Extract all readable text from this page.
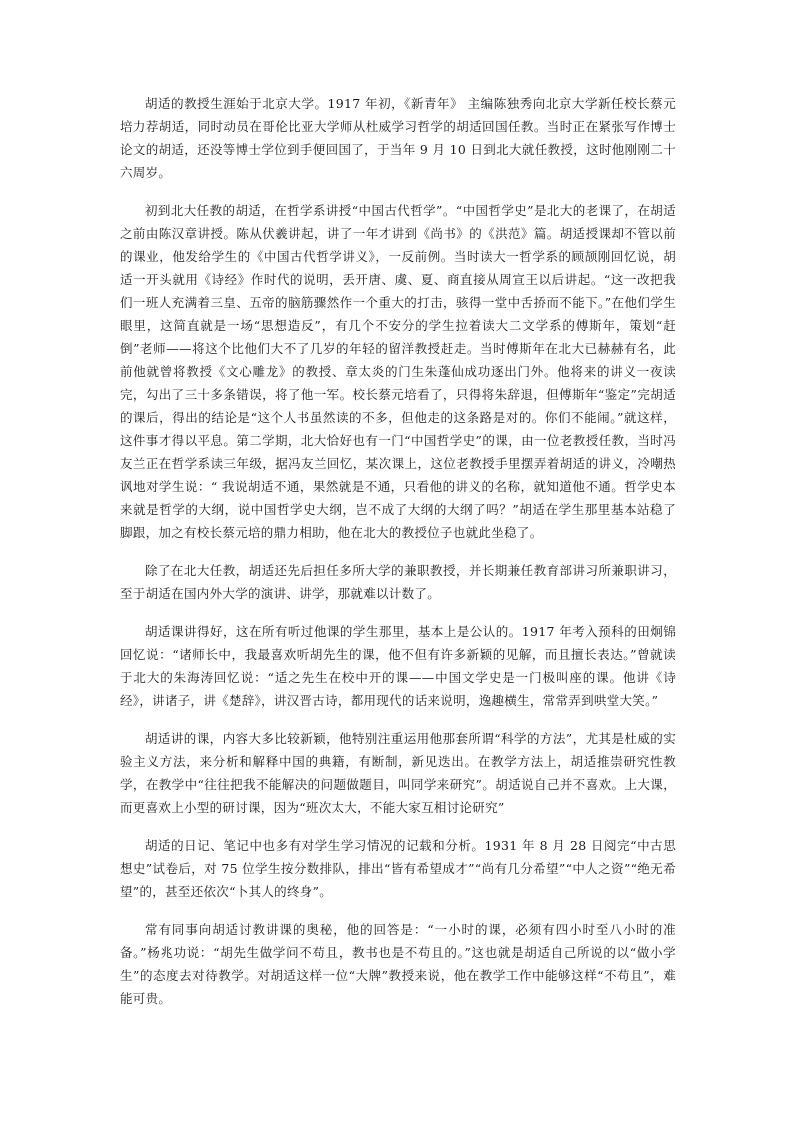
胡适的教授生涯始于北京大学。1917 年初，《新青年》 主编陈独秀向北京大学新任校长蔡元培力荐胡适，同时动员在哥伦比亚大学师从杜威学习哲学的胡适回国任教。当时正在紧张写作博士论文的胡适，还没等博士学位到手便回国了，于当年 9 月 10 日到北大就任教授，这时他刚刚二十六周岁。

初到北大任教的胡适，在哲学系讲授“中国古代哲学”。“中国哲学史”是北大的老课了，在胡适之前由陈汉章讲授。陈从伏羲讲起，讲了一年才讲到《尚书》的《洪范》篇。胡适授课却不管以前的课业，他发给学生的《中国古代哲学讲义》，一反前例。当时读大一哲学系的顾颉刚回忆说，胡适一开头就用《诗经》作时代的说明，丢开唐、虞、夏、商直接从周宣王以后讲起。“这一改把我们一班人充满着三皇、五帝的脑筋骤然作一个重大的打击，骇得一堂中舌挢而不能下。”在他们学生眼里，这简直就是一场“思想造反”，有几个不安分的学生拉着读大二文学系的傅斯年，策划“赶倒”老师——将这个比他们大不了几岁的年轻的留洋教授赶走。当时傅斯年在北大已赫赫有名，此前他就曾将教授《文心雕龙》的教授、章太炎的门生朱蓬仙成功逐出门外。他将来的讲义一夜读完，勾出了三十多条错误，将了他一军。校长蔡元培看了，只得将朱辞退，但傅斯年“鉴定”完胡适的课后，得出的结论是“这个人书虽然读的不多，但他走的这条路是对的。你们不能闹。”就这样，这件事才得以平息。第二学期，北大恰好也有一门“中国哲学史”的课，由一位老教授任教，当时冯友兰正在哲学系读三年级，据冯友兰回忆，某次课上，这位老教授手里摆弄着胡适的讲义，冷嘲热讽地对学生说：“ 我说胡适不通，果然就是不通，只看他的讲义的名称，就知道他不通。哲学史本来就是哲学的大纲，说中国哲学史大纲，岂不成了大纲的大纲了吗？”胡适在学生那里基本站稳了脚跟，加之有校长蔡元培的鼎力相助，他在北大的教授位子也就此坐稳了。

除了在北大任教，胡适还先后担任多所大学的兼职教授，并长期兼任教育部讲习所兼职讲习，至于胡适在国内外大学的演讲、讲学，那就难以计数了。

胡适课讲得好，这在所有听过他课的学生那里，基本上是公认的。1917 年考入预科的田炯锦回忆说：“诸师长中，我最喜欢听胡先生的课，他不但有许多新颖的见解，而且擅长表达。”曾就读于北大的朱海涛回忆说：“适之先生在校中开的课——中国文学史是一门极叫座的课。他讲《诗经》，讲诸子，讲《楚辞》，讲汉晋古诗，都用现代的话来说明，逸趣横生，常常弄到哄堂大笑。”

胡适讲的课，内容大多比较新颖，他特别注重运用他那套所谓“科学的方法”，尤其是杜威的实验主义方法，来分析和解释中国的典籍，有断制，新见迭出。在教学方法上，胡适推崇研究性教学，在教学中“往往把我不能解决的问题做题目，叫同学来研究”。胡适说自己并不喜欢。上大课，而更喜欢上小型的研讨课，因为“班次太大，不能大家互相讨论研究”

胡适的日记、笔记中也多有对学生学习情况的记载和分析。1931 年 8 月 28 日阅完“中古思想史”试卷后，对 75 位学生按分数排队，排出“皆有希望成才”“尚有几分希望”“中人之资”“绝无希望”的，甚至还依次“卜其人的终身”。

常有同事向胡适讨教讲课的奥秘，他的回答是：“一小时的课，必须有四小时至八小时的准备。”杨兆功说：“胡先生做学问不苟且，教书也是不苟且的。”这也就是胡适自己所说的以“做小学生”的态度去对待教学。对胡适这样一位“大牌”教授来说，他在教学工作中能够这样“不苟且”，难能可贵。
